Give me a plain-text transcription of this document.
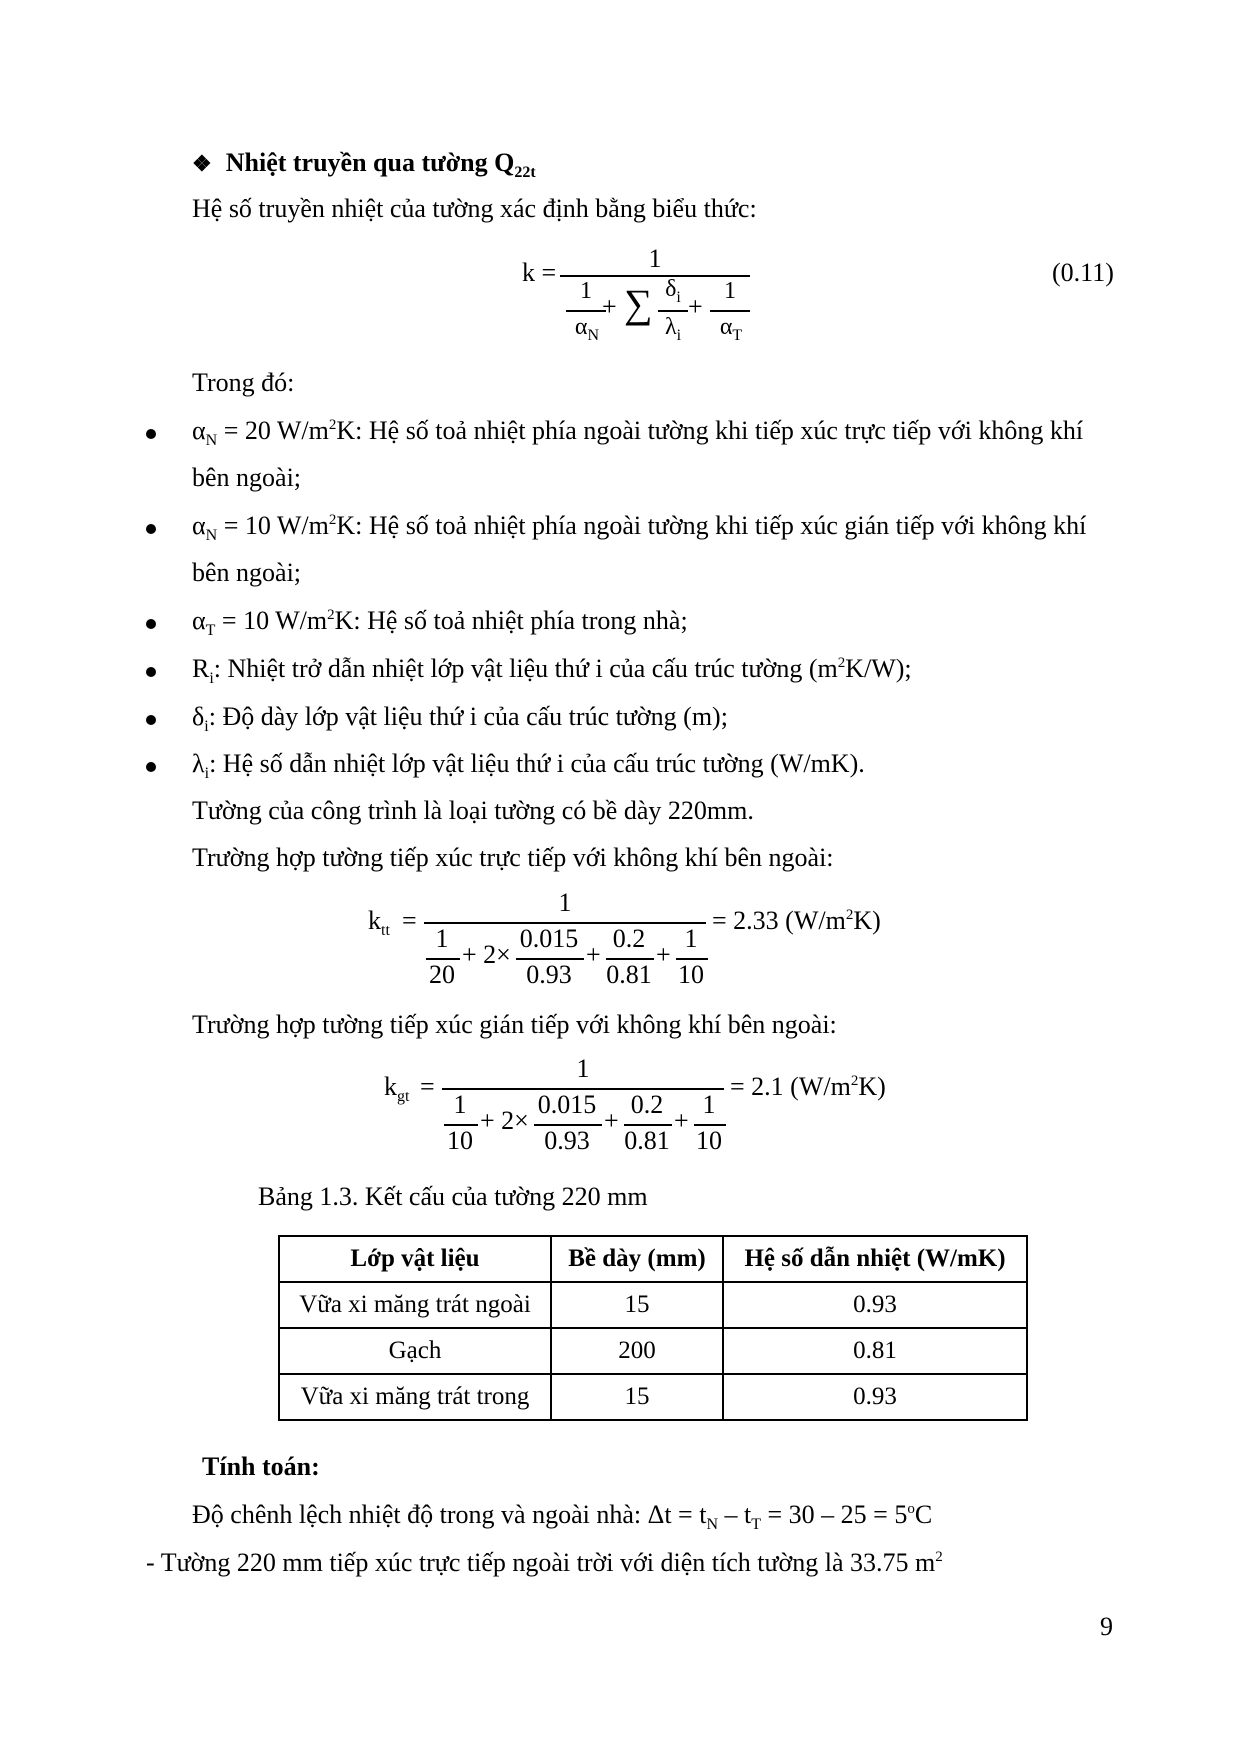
❖ Nhiệt truyền qua tường $Q_{22t}$
Hệ số truyền nhiệt của tường xác định bằng biểu thức:
k =	1
1
$\alpha_N$
+ ∑ $\delta_i$
$\lambda_i$
+
1
$\alpha_T$
(0.11)
Trong đó:
$\alpha_N = 20$ $W/m^2K$: Hệ số toả nhiệt phía ngoài tường khi tiếp xúc trực tiếp với không khí
bên ngoài;
$\alpha_N = 10$ $W/m^2K$: Hệ số toả nhiệt phía ngoài tường khi tiếp xúc gián tiếp với không khí
bên ngoài;
$\alpha_T = 10$ $W/m^2K$: Hệ số toả nhiệt phía trong nhà;
$R_i$: Nhiệt trở dẫn nhiệt lớp vật liệu thứ i của cấu trúc tường $(m^2K/W)$;
$\delta_i$: Độ dày lớp vật liệu thứ i của cấu trúc tường (m);
$\lambda_i$: Hệ số dẫn nhiệt lớp vật liệu thứ i của cấu trúc tường (W/mK).
Tường của công trình là loại tường có bề dày 220mm.
Trường hợp tường tiếp xúc trực tiếp với không khí bên ngoài:
$k_{tt}$ =
1
1
20
+ 2×
0.015
0.93
+
0.2
0.81
+
1
10
= 2.33 $(W/m^2K)$
Trường hợp tường tiếp xúc gián tiếp với không khí bên ngoài:
$k_{gt}$ =
1
1
10
+ 2×
0.015
0.93
+
0.2
0.81
+
1
10
= 2.1 $(W/m^2K)$
Bảng 1.3. Kết cấu của tường 220 mm
Lớp vật liệu	Bề dày (mm)	Hệ số dẫn nhiệt (W/mK)
Vữa xi măng trát ngoài	15	0.93
Gạch	200	0.81
Vữa xi măng trát trong	15	0.93
Tính toán:
Độ chênh lệch nhiệt độ trong và ngoài nhà: $\Delta t = t_N - t_T = 30 - 25 = 5^oC$
- Tường 220 mm tiếp xúc trực tiếp ngoài trời với diện tích tường là 33.75 $m^2$
9
